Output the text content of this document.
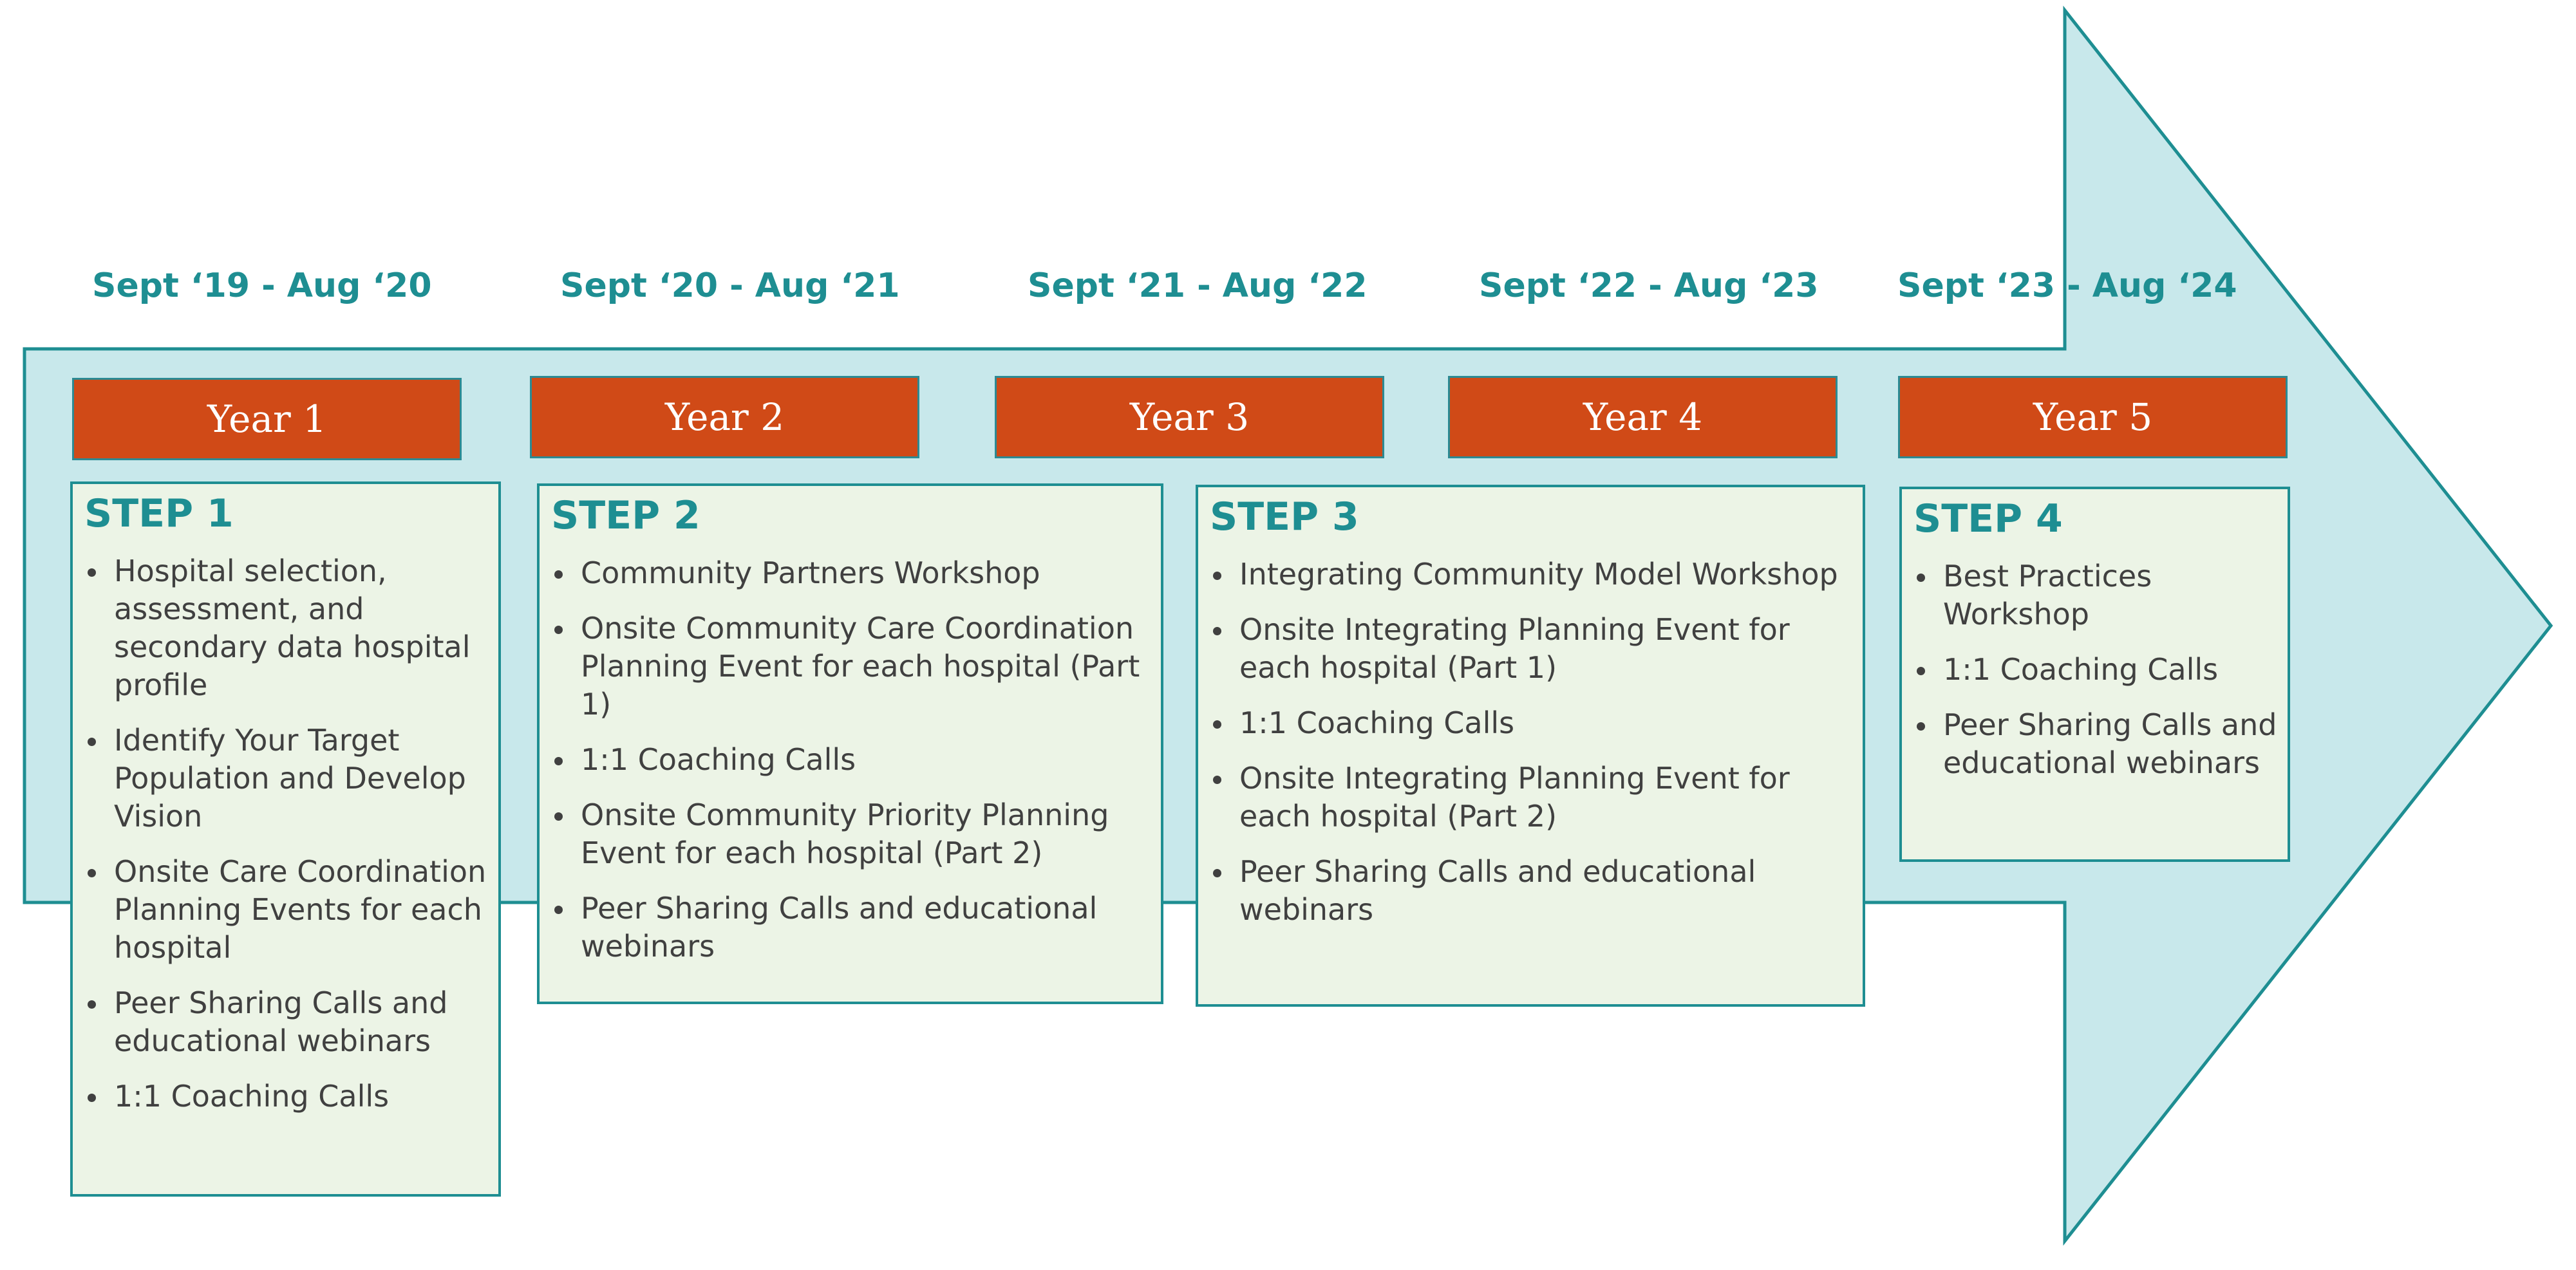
Sept ‘19 - Aug ‘20	Sept ‘20 - Aug ‘21	Sept ‘21 - Aug ‘22	Sept ‘22 - Aug ‘23 Sept ‘23 - Aug ‘24
Year 1	Year 2	Year 3	Year 4	Year 5
STEP 1
Hospital selection, assessment, and secondary data hospital profile
Identify Your Target Population and Develop Vision
Onsite Care Coordination Planning Events for each hospital
Peer Sharing Calls and educational webinars
1:1 Coaching Calls
STEP 2
Community Partners Workshop
Onsite Community Care Coordination Planning Event for each hospital (Part 1)
1:1 Coaching Calls
Onsite Community Priority Planning Event for each hospital (Part 2)
Peer Sharing Calls and educational webinars
STEP 3
Integrating Community Model Workshop
Onsite Integrating Planning Event for each hospital (Part 1)
1:1 Coaching Calls
Onsite Integrating Planning Event for each hospital (Part 2)
Peer Sharing Calls and educational webinars
STEP 4
Best Practices Workshop
1:1 Coaching Calls
Peer Sharing Calls and educational webinars
